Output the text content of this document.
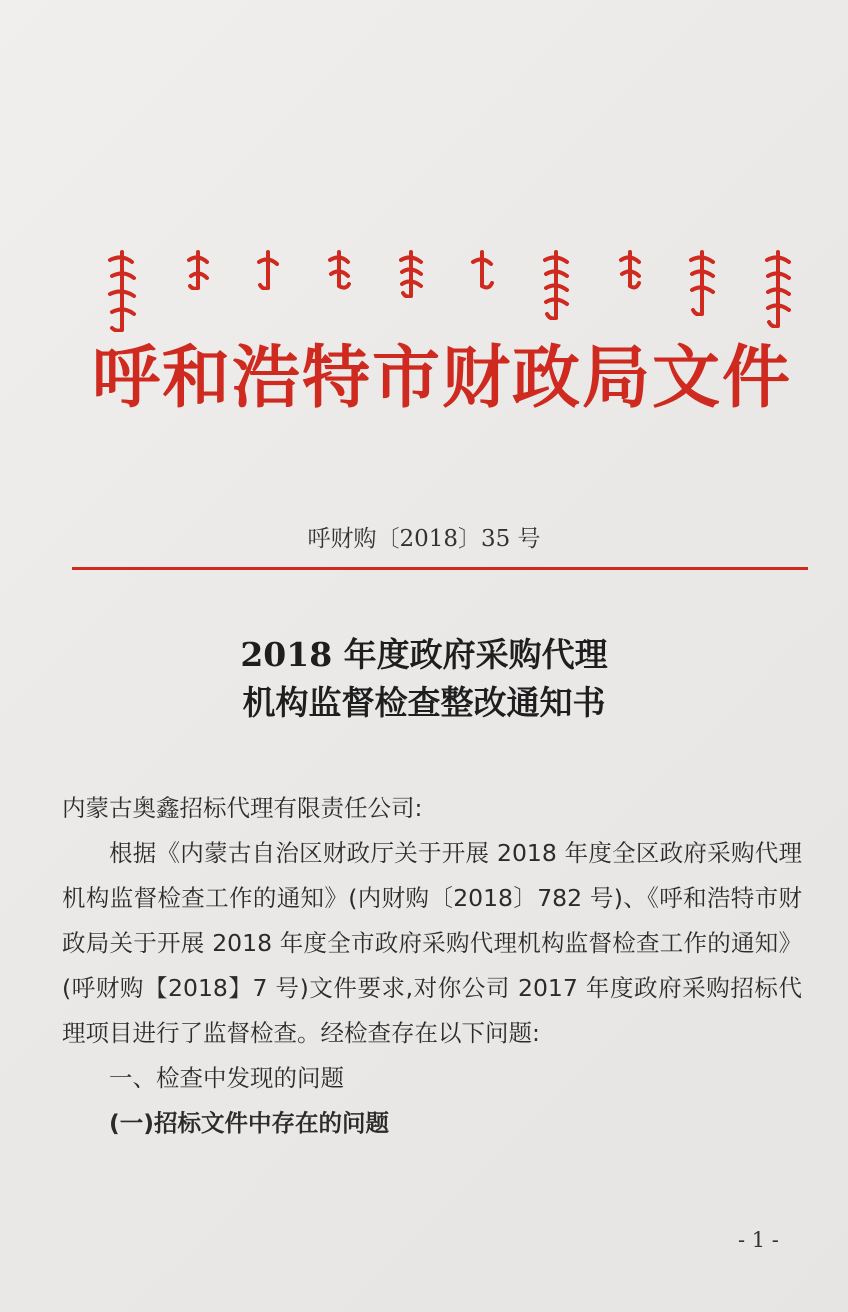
呼和浩特市财政局文件
呼财购〔2018〕35 号
2018 年度政府采购代理
机构监督检查整改通知书

内蒙古奥鑫招标代理有限责任公司:

根据《内蒙古自治区财政厅关于开展 2018 年度全区政府采购代理机构监督检查工作的通知》(内财购〔2018〕782 号)、《呼和浩特市财政局关于开展 2018 年度全市政府采购代理机构监督检查工作的通知》(呼财购【2018】7 号)文件要求,对你公司 2017 年度政府采购招标代理项目进行了监督检查。经检查存在以下问题:

一、检查中发现的问题

(一)招标文件中存在的问题

- 1 -
